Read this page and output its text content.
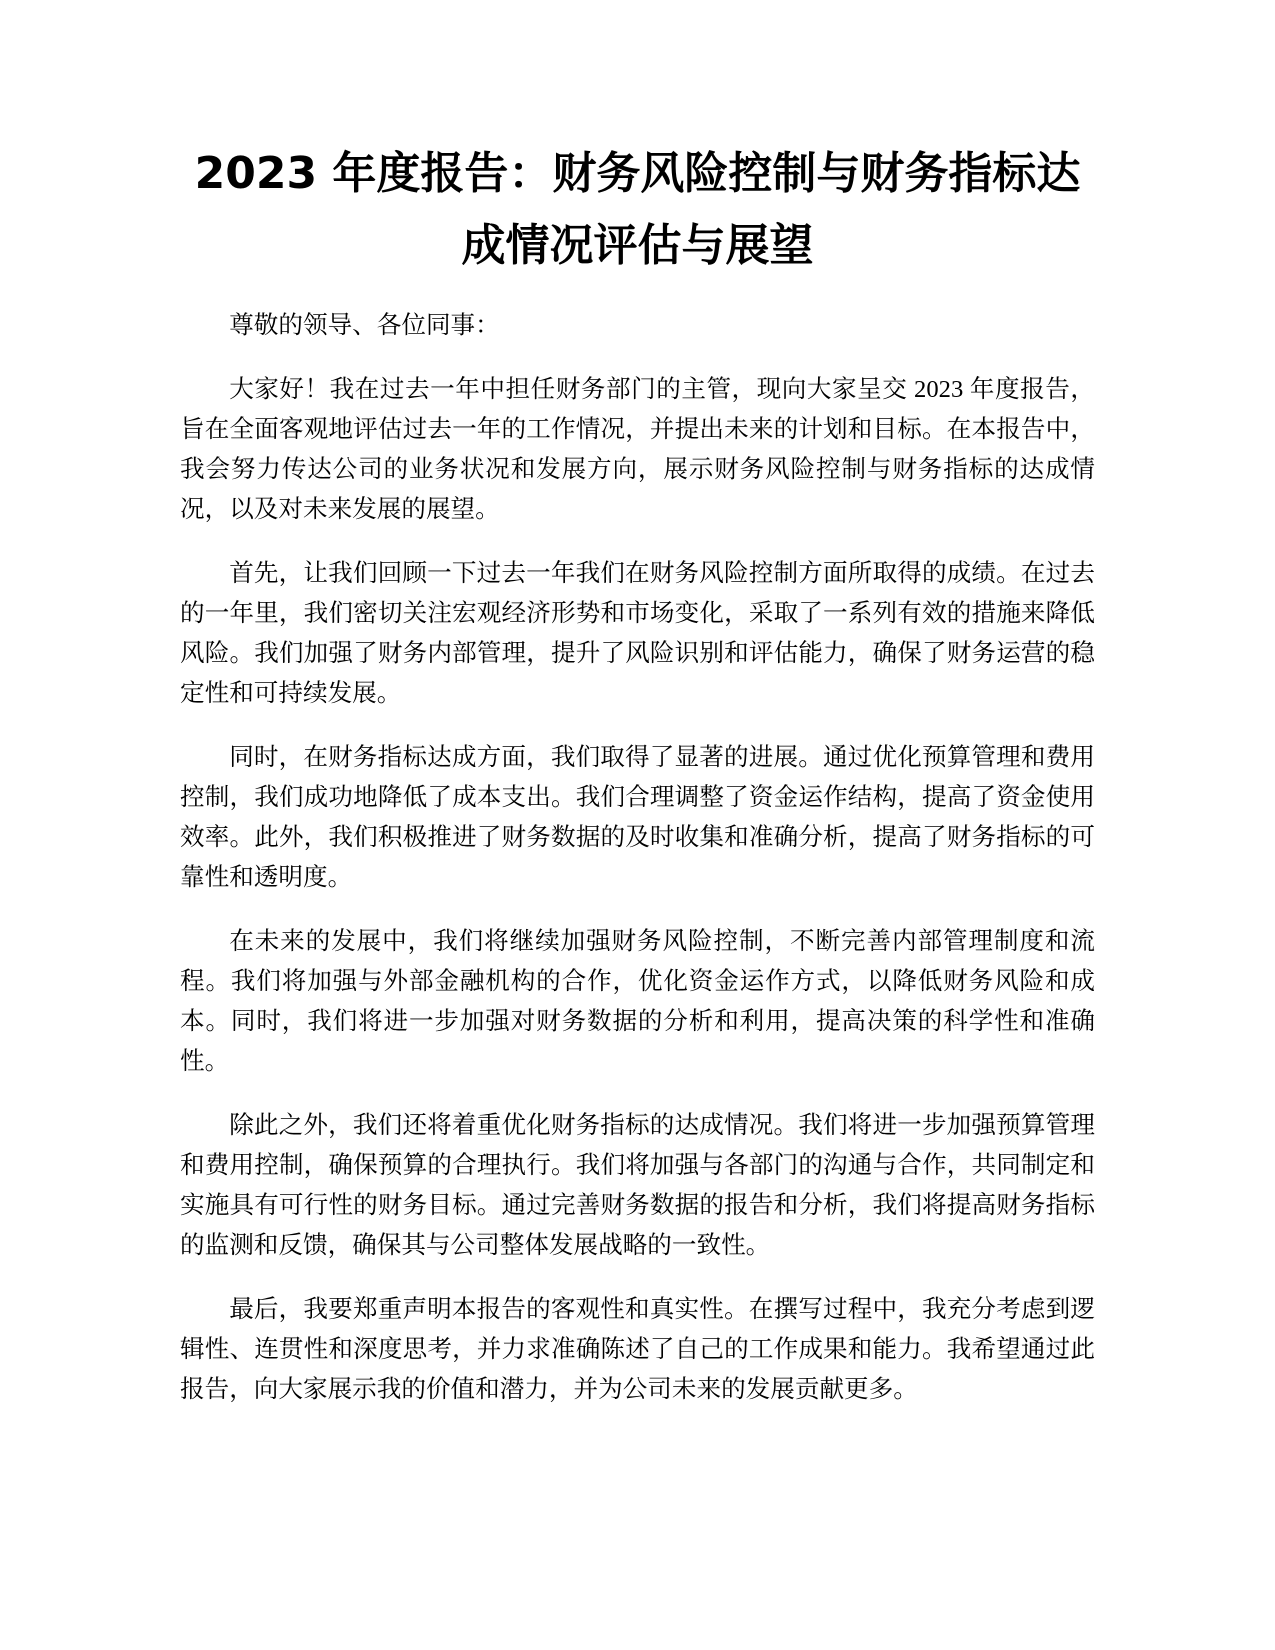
2023 年度报告：财务风险控制与财务指标达成情况评估与展望

尊敬的领导、各位同事：

大家好！我在过去一年中担任财务部门的主管，现向大家呈交 2023 年度报告，旨在全面客观地评估过去一年的工作情况，并提出未来的计划和目标。在本报告中，我会努力传达公司的业务状况和发展方向，展示财务风险控制与财务指标的达成情况，以及对未来发展的展望。

首先，让我们回顾一下过去一年我们在财务风险控制方面所取得的成绩。在过去的一年里，我们密切关注宏观经济形势和市场变化，采取了一系列有效的措施来降低风险。我们加强了财务内部管理，提升了风险识别和评估能力，确保了财务运营的稳定性和可持续发展。

同时，在财务指标达成方面，我们取得了显著的进展。通过优化预算管理和费用控制，我们成功地降低了成本支出。我们合理调整了资金运作结构，提高了资金使用效率。此外，我们积极推进了财务数据的及时收集和准确分析，提高了财务指标的可靠性和透明度。

在未来的发展中，我们将继续加强财务风险控制，不断完善内部管理制度和流程。我们将加强与外部金融机构的合作，优化资金运作方式，以降低财务风险和成本。同时，我们将进一步加强对财务数据的分析和利用，提高决策的科学性和准确性。

除此之外，我们还将着重优化财务指标的达成情况。我们将进一步加强预算管理和费用控制，确保预算的合理执行。我们将加强与各部门的沟通与合作，共同制定和实施具有可行性的财务目标。通过完善财务数据的报告和分析，我们将提高财务指标的监测和反馈，确保其与公司整体发展战略的一致性。

最后，我要郑重声明本报告的客观性和真实性。在撰写过程中，我充分考虑到逻辑性、连贯性和深度思考，并力求准确陈述了自己的工作成果和能力。我希望通过此报告，向大家展示我的价值和潜力，并为公司未来的发展贡献更多。
